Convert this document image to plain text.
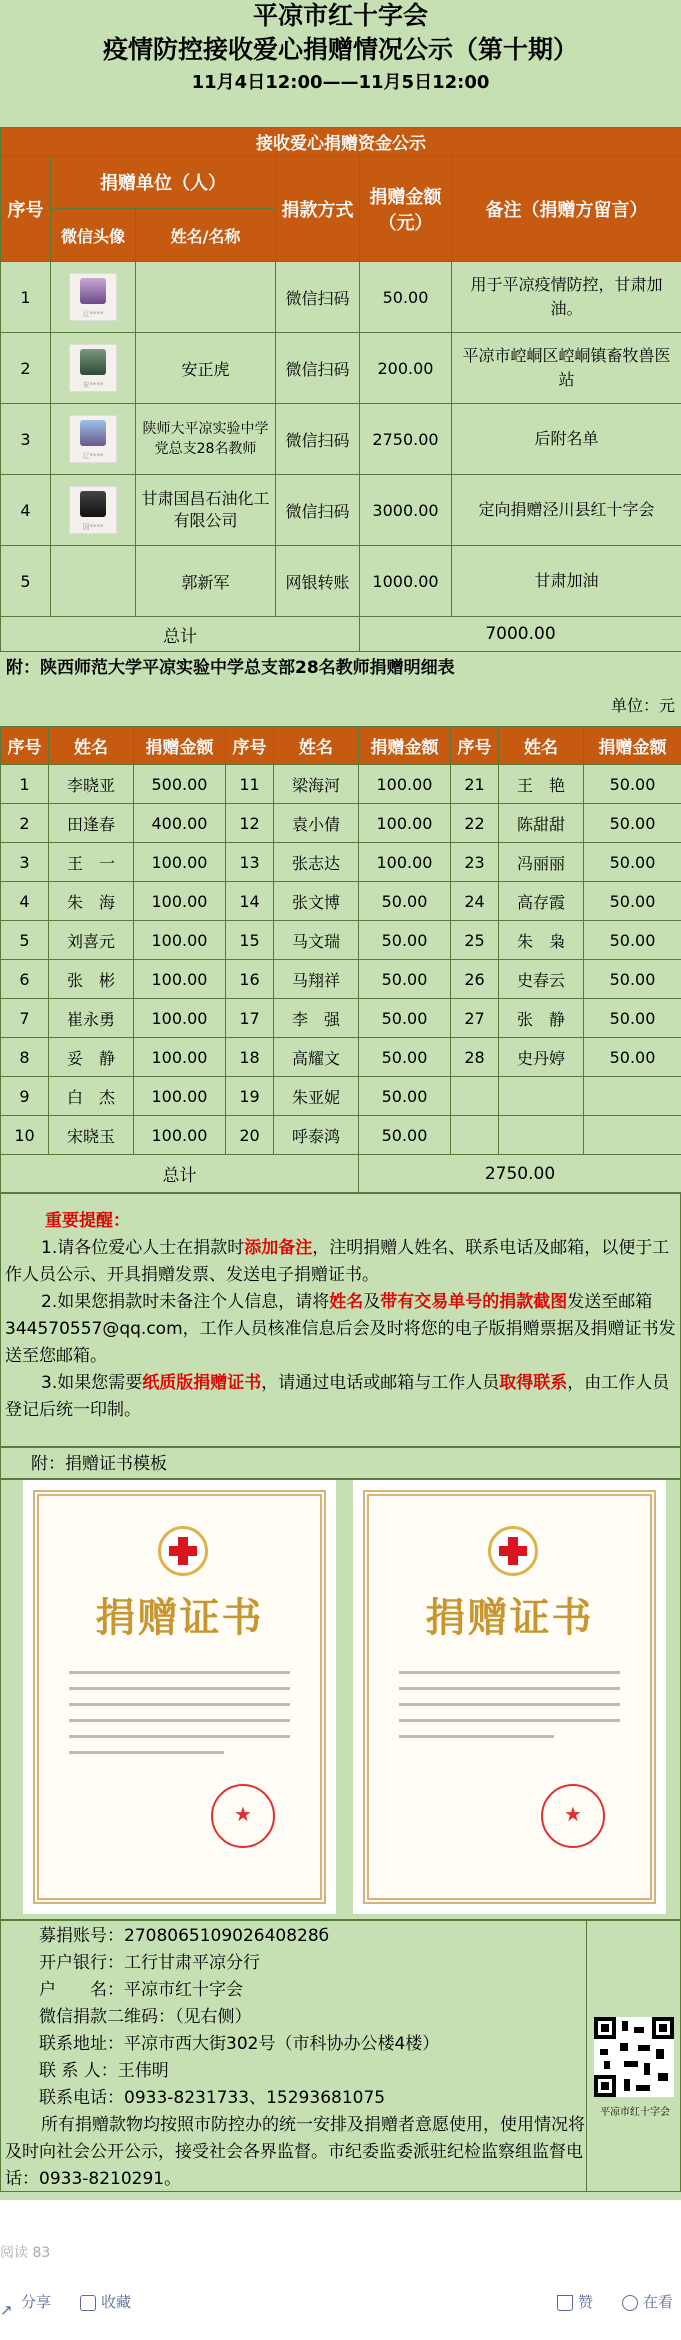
平凉市红十字会
疫情防控接收爱心捐赠情况公示（第十期）
11月4日12:00——11月5日12:00
接收爱心捐赠资金公示					
序号	捐赠单位（人）		捐款方式	捐赠金额（元）	备注（捐赠方留言）
	微信头像	姓名/名称			
1	辽****		微信扫码	50.00	用于平凉疫情防控，甘肃加油。
2	安****	安正虎	微信扫码	200.00	平凉市崆峒区崆峒镇畜牧兽医站
3	辽****	陕师大平凉实验中学党总支28名教师	微信扫码	2750.00	后附名单
4	国****	甘肃国昌石油化工有限公司	微信扫码	3000.00	定向捐赠泾川县红十字会
5		郭新军	网银转账	1000.00	甘肃加油
总计				7000.00	
附：陕西师范大学平凉实验中学总支部28名教师捐赠明细表
单位：元
序号	姓名	捐赠金额	序号	姓名	捐赠金额	序号	姓名	捐赠金额
1	李晓亚	500.00	11	梁海河	100.00	21	王　艳	50.00
2	田逢春	400.00	12	袁小倩	100.00	22	陈甜甜	50.00
3	王　一	100.00	13	张志达	100.00	23	冯丽丽	50.00
4	朱　海	100.00	14	张文博	50.00	24	高存霞	50.00
5	刘喜元	100.00	15	马文瑞	50.00	25	朱　枭	50.00
6	张　彬	100.00	16	马翔祥	50.00	26	史春云	50.00
7	崔永勇	100.00	17	李　强	50.00	27	张　静	50.00
8	妥　静	100.00	18	高耀文	50.00	28	史丹婷	50.00
9	白　杰	100.00	19	朱亚妮	50.00			
10	宋晓玉	100.00	20	呼泰鸿	50.00			
总计					2750.00			
重要提醒：

1.请各位爱心人士在捐款时添加备注，注明捐赠人姓名、联系电话及邮箱，以便于工作人员公示、开具捐赠发票、发送电子捐赠证书。

2.如果您捐款时未备注个人信息，请将姓名及带有交易单号的捐款截图发送至邮箱344570557@qq.com，工作人员核准信息后会及时将您的电子版捐赠票据及捐赠证书发送至您邮箱。

3.如果您需要纸质版捐赠证书，请通过电话或邮箱与工作人员取得联系，由工作人员登记后统一印制。

附：捐赠证书模板
捐赠证书
★
捐赠证书
★
募捐账号：270806510902640828б
开户银行：工行甘肃平凉分行
户　　名：平凉市红十字会
微信捐款二维码：（见右侧）
联系地址：平凉市西大街302号（市科协办公楼4楼）
联 系 人：王伟明
联系电话：0933-8231733、15293681075
所有捐赠款物均按照市防控办的统一安排及捐赠者意愿使用，使用情况将及时向社会公开公示，接受社会各界监督。市纪委监委派驻纪检监察组监督电话：0933-8210291。
平凉市红十字会
阅读 83
↗ 分享	收藏	赞	在看
